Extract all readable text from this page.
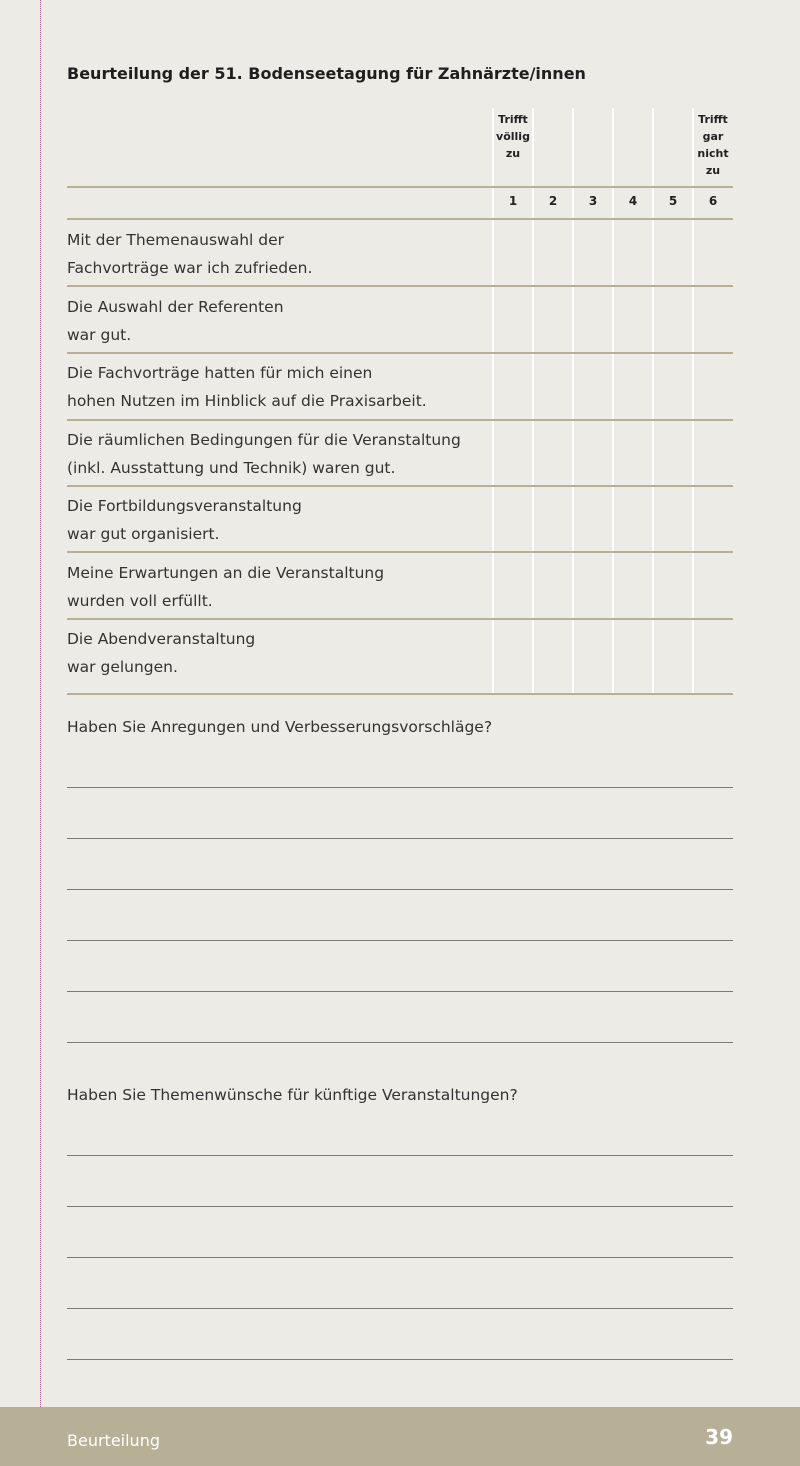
Beurteilung der 51. Bodenseetagung für Zahnärzte/innen
Trifft
völlig
zu
Trifft
gar
nicht
zu
1	2	3	4	5	6
Mit der Themenauswahl der
Fachvorträge war ich zufrieden.
Die Auswahl der Referenten
war gut.
Die Fachvorträge hatten für mich einen
hohen Nutzen im Hinblick auf die Praxisarbeit.
Die räumlichen Bedingungen für die Veranstaltung
(inkl. Ausstattung und Technik) waren gut.
Die Fortbildungsveranstaltung
war gut organisiert.
Meine Erwartungen an die Veranstaltung
wurden voll erfüllt.
Die Abendveranstaltung
war gelungen.
Haben Sie Anregungen und Verbesserungsvorschläge?
Haben Sie Themenwünsche für künftige Veranstaltungen?
Beurteilung	39
